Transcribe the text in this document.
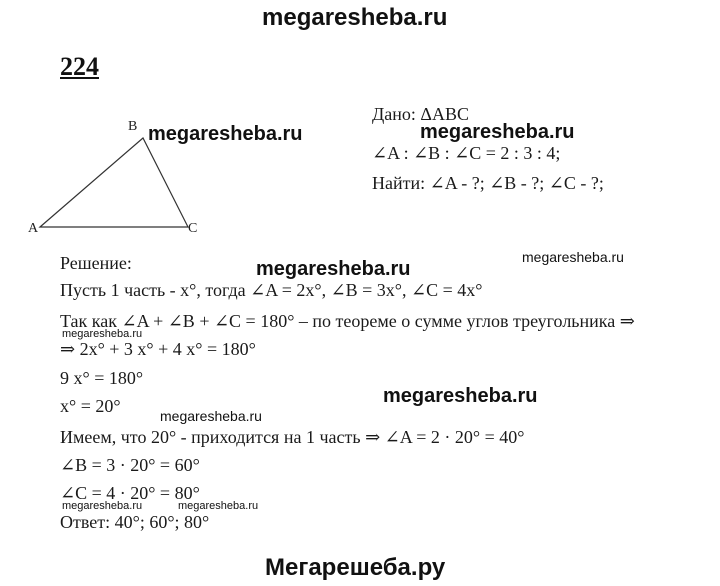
megaresheba.ru
224
A
B
C
megaresheba.ru
Дано: ΔABC
megaresheba.ru
∠A : ∠B : ∠C = 2 : 3 : 4;
Найти: ∠A - ?; ∠B - ?; ∠C - ?;
Решение:	megaresheba.ru
megaresheba.ru
Пусть 1 часть - x°, тогда ∠A = 2x°, ∠B = 3x°, ∠C = 4x°
Так как ∠A + ∠B + ∠C = 180° – по теореме о сумме углов треугольника ⇒
megaresheba.ru
⇒ 2x° + 3 x° + 4 x° = 180°
9 x° = 180°
megaresheba.ru
x° = 20°	megaresheba.ru
Имеем, что 20° - приходится на 1 часть ⇒ ∠A = 2 · 20° = 40°
∠B = 3 · 20° = 60°
∠C = 4 · 20° = 80°
megaresheba.ru	megaresheba.ru
Ответ: 40°; 60°; 80°
Мегарешеба.ру
